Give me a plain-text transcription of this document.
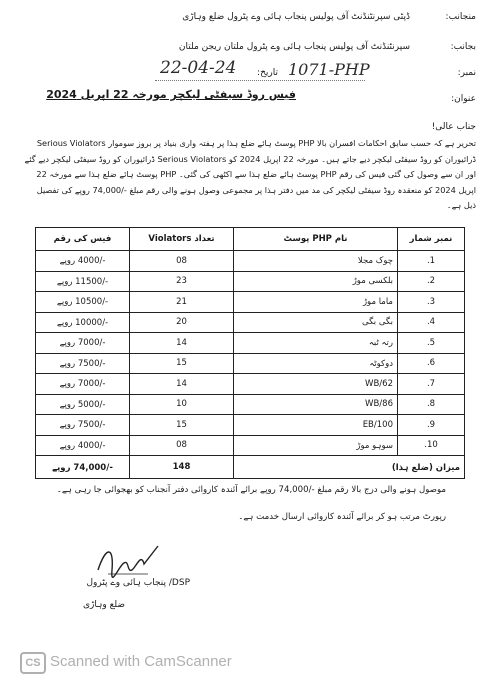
منجانب:
ڈپٹی سپرنٹنڈنٹ آف پولیس پنجاب ہائی وے پٹرول ضلع وہاڑی
بجانب:
سپرنٹنڈنٹ آف پولیس پنجاب ہائی وے پٹرول ملتان ریجن ملتان
نمبر:
1071-PHP
تاریخ:
22-04-24
عنوان:
فیس روڈ سیفٹی لیکچر مورخہ 22 اپریل 2024
جناب عالی!
تحریر ہے کہ حسب سابق احکامات افسران بالا PHP پوسٹ ہائے ضلع ہذا پر ہفتہ واری بنیاد پر بروز سوموار Serious Violators ڈرائیوران کو روڈ سیفٹی لیکچر دیے جاتے ہیں۔ مورخہ 22 اپریل 2024 کو Serious Violators ڈرائیوران کو روڈ سیفٹی لیکچر دیے گئے اور ان سے وصول کی گئی فیس کی رقم PHP پوسٹ ہائے ضلع ہذا سے اکٹھی کی گئی۔ PHP پوسٹ ہائے ضلع ہذا سے مورخہ 22 اپریل 2024 کو منعقدہ روڈ سیفٹی لیکچر کی مد میں دفتر ہذا پر مجموعی وصول ہونے والی رقم مبلغ -/74,000 روپے کی تفصیل ذیل ہے۔
نمبر شمار	نام PHP پوسٹ	تعداد Violators	فیس کی رقم
1.	چوک مجلا	08	-/4000 روپے
2.	بلکسی موڑ	23	-/11500 روپے
3.	ماما موڑ	21	-/10500 روپے
4.	بگی بگی	20	-/10000 روپے
5.	رتہ ٹبہ	14	-/7000 روپے
6.	دوکوٹہ	15	-/7500 روپے
7.	62/WB	14	-/7000 روپے
8.	86/WB	10	-/5000 روپے
9.	100/EB	15	-/7500 روپے
10.	سوہو موڑ	08	-/4000 روپے
میزان (ضلع ہذا)		148	-/74,000 روپے
موصول ہونے والی درج بالا رقم مبلغ -/74,000 روپے برائے آئندہ کاروائی دفتر آنجناب کو بھجوائی جا رہی ہے۔
رپورٹ مرتب ہو کر برائے آئندہ کاروائی ارسال خدمت ہے۔
DSP/ پنجاب ہائی وے پٹرول
ضلع وہاڑی
CS Scanned with CamScanner
